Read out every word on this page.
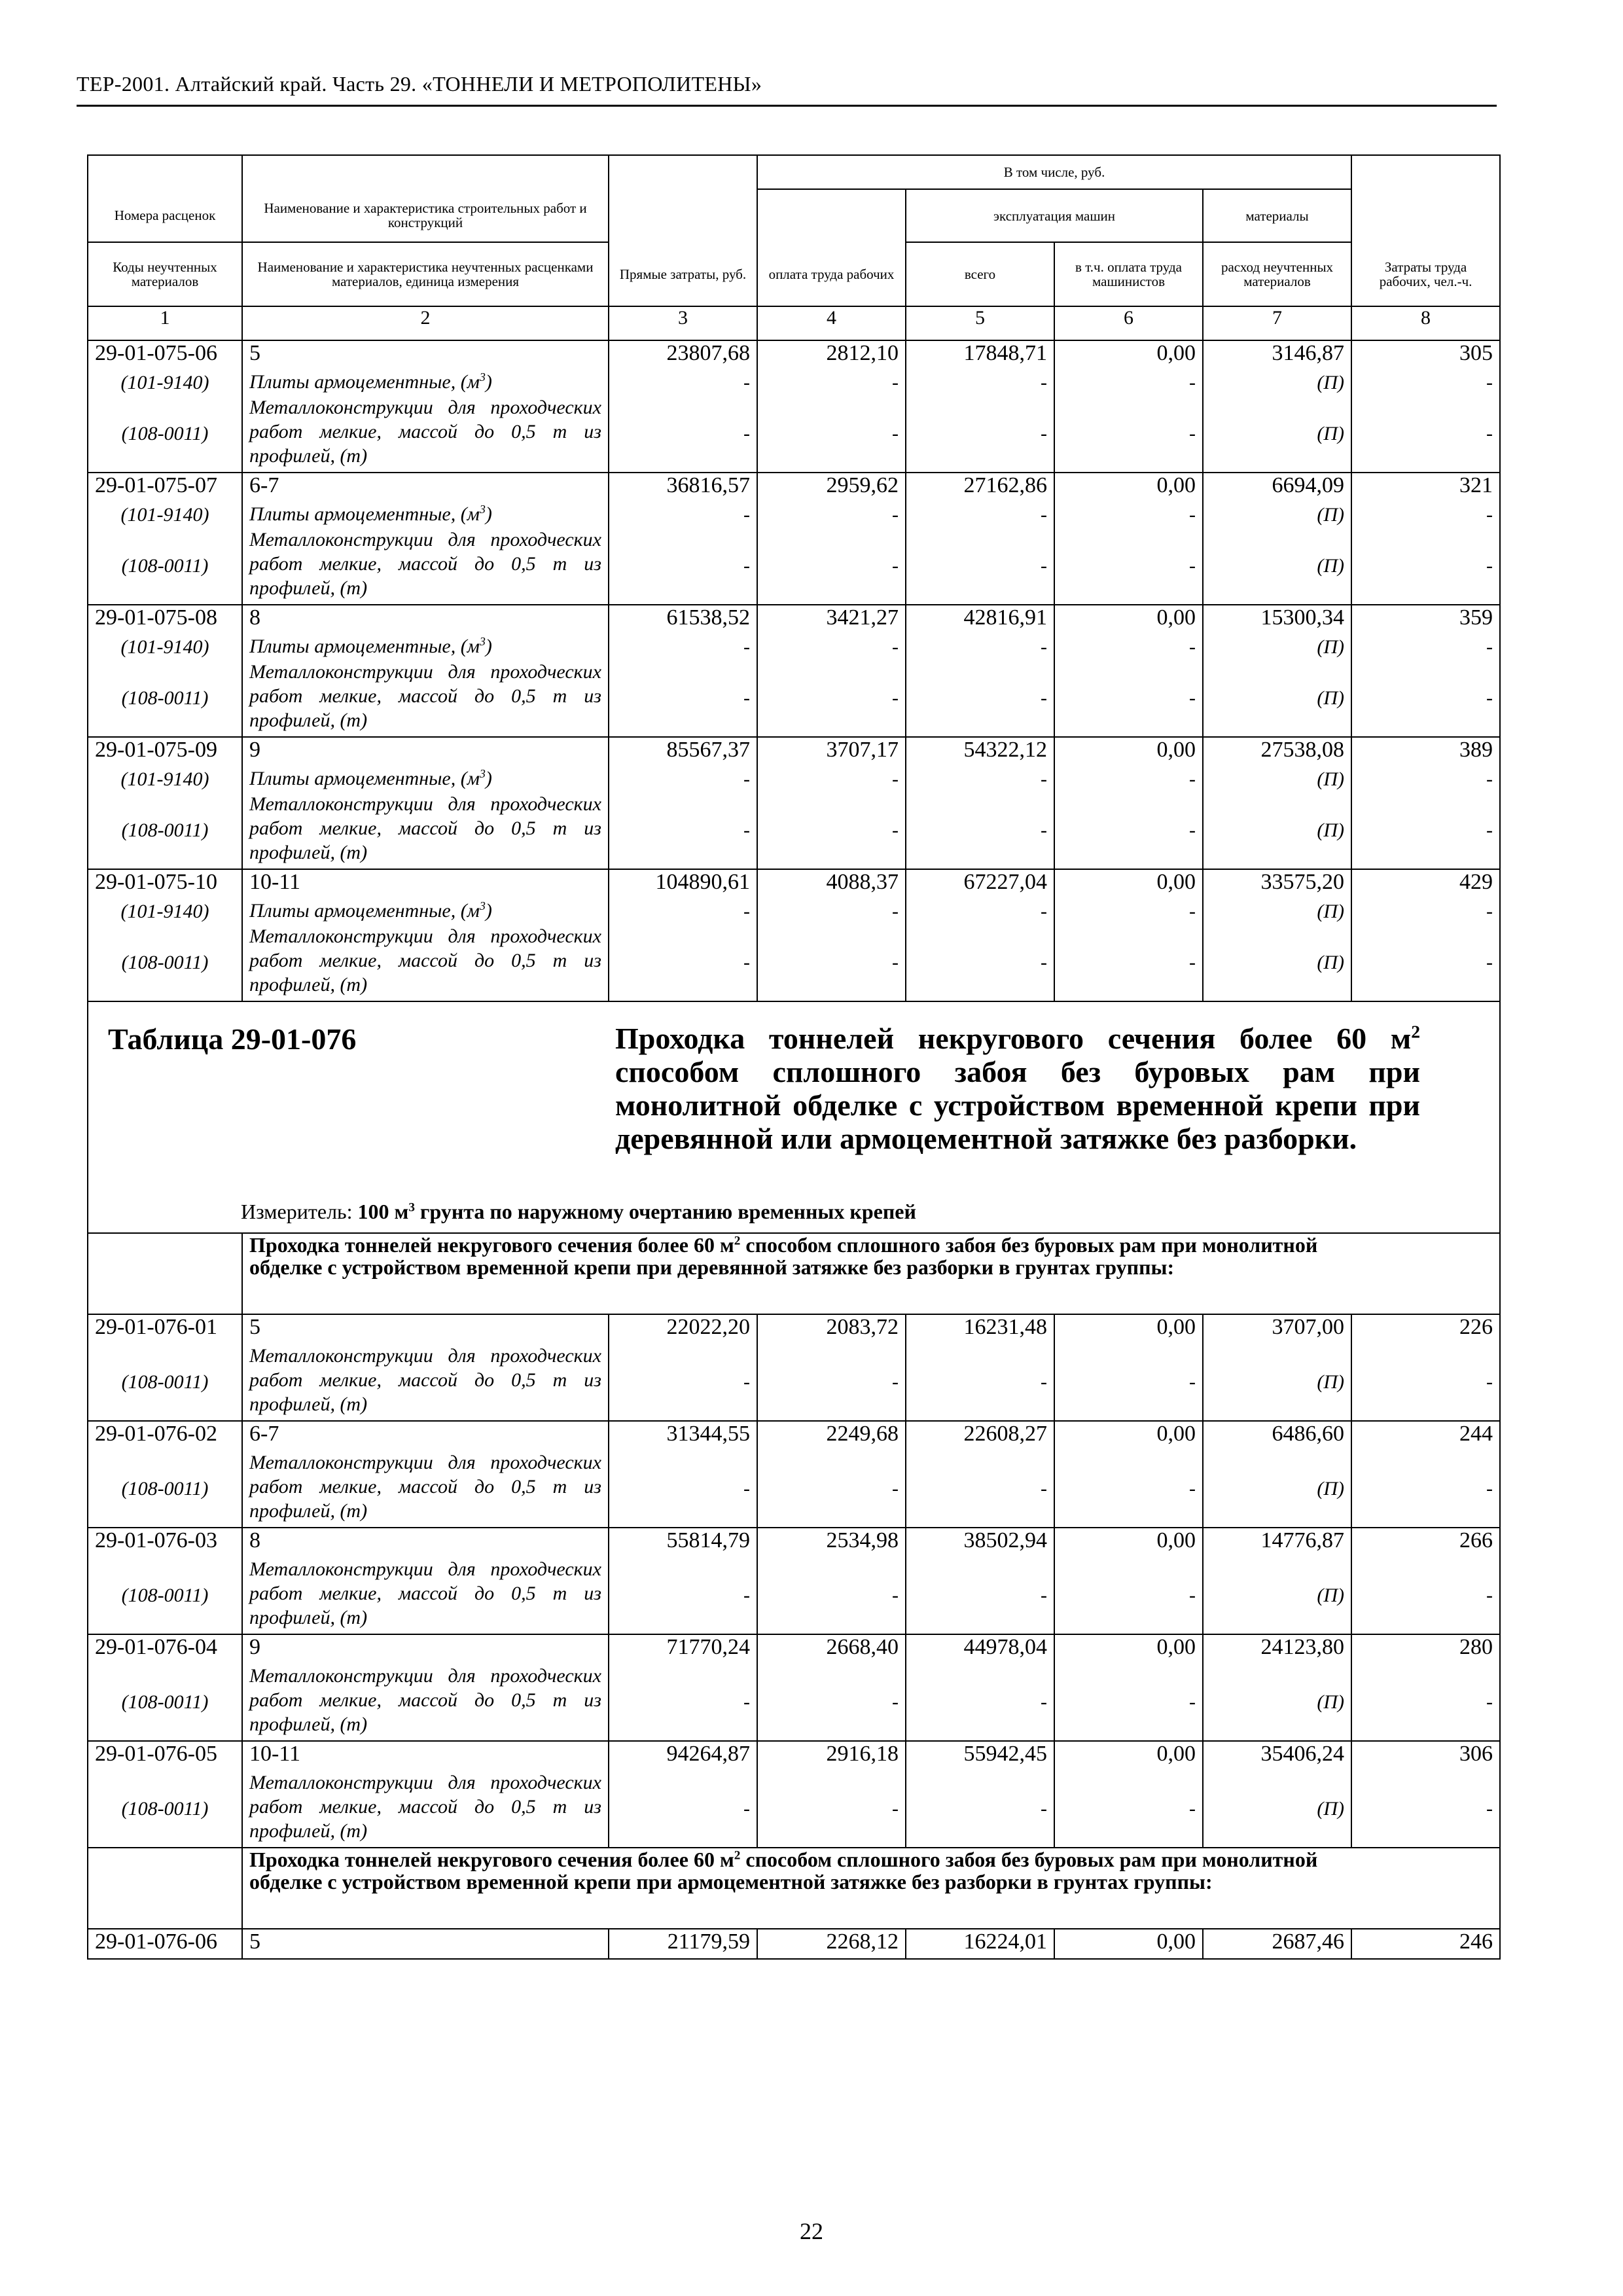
ТЕР-2001. Алтайский край. Часть 29. «ТОННЕЛИ И МЕТРОПОЛИТЕНЫ»
			В том числе, руб.				
Номера расценок	Наименование и характеристика строительных работ и конструкций			эксплуатация машин		материалы	
Коды неучтенных материалов	Наименование и характеристика неучтенных расценками материалов, единица измерения	Прямые затраты, руб.	оплата труда рабочих	всего	в т.ч. оплата труда машинистов	расход неучтенных материалов	Затраты труда рабочих, чел.-ч.
1	2	3	4	5	6	7	8
29-01-075-06	5	23807,68	2812,10	17848,71	0,00	3146,87	305
(101-9140)	Плиты армоцементные, $(м^3)$	-	-	-	-	(П)	-
(108-0011)	Металлоконструкции для проходческих работ мелкие, массой до 0,5 т из профилей, (т)	-	-	-	-	(П)	-
29-01-075-07	6-7	36816,57	2959,62	27162,86	0,00	6694,09	321
(101-9140)	Плиты армоцементные, $(м^3)$	-	-	-	-	(П)	-
(108-0011)	Металлоконструкции для проходческих работ мелкие, массой до 0,5 т из профилей, (т)	-	-	-	-	(П)	-
29-01-075-08	8	61538,52	3421,27	42816,91	0,00	15300,34	359
(101-9140)	Плиты армоцементные, $(м^3)$	-	-	-	-	(П)	-
(108-0011)	Металлоконструкции для проходческих работ мелкие, массой до 0,5 т из профилей, (т)	-	-	-	-	(П)	-
29-01-075-09	9	85567,37	3707,17	54322,12	0,00	27538,08	389
(101-9140)	Плиты армоцементные, $(м^3)$	-	-	-	-	(П)	-
(108-0011)	Металлоконструкции для проходческих работ мелкие, массой до 0,5 т из профилей, (т)	-	-	-	-	(П)	-
29-01-075-10	10-11	104890,61	4088,37	67227,04	0,00	33575,20	429
(101-9140)	Плиты армоцементные, $(м^3)$	-	-	-	-	(П)	-
(108-0011)	Металлоконструкции для проходческих работ мелкие, массой до 0,5 т из профилей, (т)	-	-	-	-	(П)	-

Таблица 29-01-076 Проходка тоннелей некругового сечения более 60 $м^2$ способом сплошного забоя без буровых рам при монолитной обделке с устройством временной крепи при деревянной или армоцементной затяжке без разборки.
Измеритель: 100 $м^3$ грунта по наружному очертанию временных крепей							

	Проходка тоннелей некругового сечения более 60 $м^2$ способом сплошного забоя без буровых рам при монолитной обделке с устройством временной крепи при деревянной затяжке без разборки в грунтах группы:						
29-01-076-01	5	22022,20	2083,72	16231,48	0,00	3707,00	226
(108-0011)	Металлоконструкции для проходческих работ мелкие, массой до 0,5 т из профилей, (т)	-	-	-	-	(П)	-
29-01-076-02	6-7	31344,55	2249,68	22608,27	0,00	6486,60	244
(108-0011)	Металлоконструкции для проходческих работ мелкие, массой до 0,5 т из профилей, (т)	-	-	-	-	(П)	-
29-01-076-03	8	55814,79	2534,98	38502,94	0,00	14776,87	266
(108-0011)	Металлоконструкции для проходческих работ мелкие, массой до 0,5 т из профилей, (т)	-	-	-	-	(П)	-
29-01-076-04	9	71770,24	2668,40	44978,04	0,00	24123,80	280
(108-0011)	Металлоконструкции для проходческих работ мелкие, массой до 0,5 т из профилей, (т)	-	-	-	-	(П)	-
29-01-076-05	10-11	94264,87	2916,18	55942,45	0,00	35406,24	306
(108-0011)	Металлоконструкции для проходческих работ мелкие, массой до 0,5 т из профилей, (т)	-	-	-	-	(П)	-
	Проходка тоннелей некругового сечения более 60 $м^2$ способом сплошного забоя без буровых рам при монолитной обделке с устройством временной крепи при армоцементной затяжке без разборки в грунтах группы:						
29-01-076-06	5	21179,59	2268,12	16224,01	0,00	2687,46	246
22
